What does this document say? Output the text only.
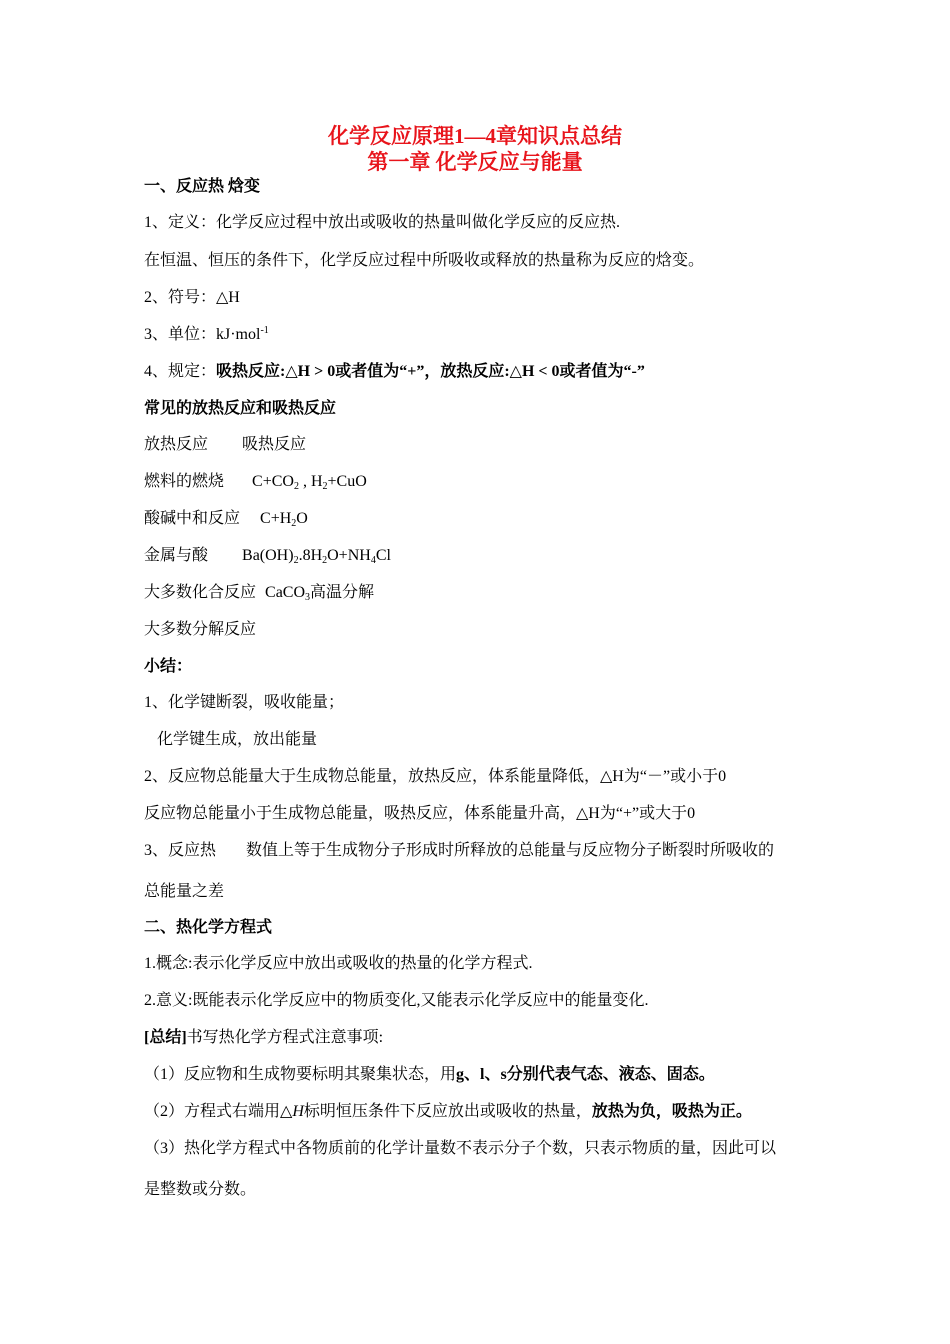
化学反应原理1—4章知识点总结
第一章 化学反应与能量
一、反应热 焓变
1、定义：化学反应过程中放出或吸收的热量叫做化学反应的反应热.
在恒温、恒压的条件下，化学反应过程中所吸收或释放的热量称为反应的焓变。
2、符号：△H
3、单位：kJ·mol$^{-1}$
4、规定：吸热反应:△H > 0或者值为“+”，放热反应:△H < 0或者值为“-”
常见的放热反应和吸热反应
放热反应 吸热反应
燃料的燃烧 $C+CO_2$ , $H_2+CuO$
酸碱中和反应 $C+H_2O$
金属与酸 $Ba(OH)_2.8H_2O+NH_4Cl$
大多数化合反应 CaCO$_3$高温分解
大多数分解反应
小结：
1、化学键断裂，吸收能量；
化学键生成，放出能量
2、反应物总能量大于生成物总能量，放热反应，体系能量降低，△H为“－”或小于0
反应物总能量小于生成物总能量，吸热反应，体系能量升高，△H为“+”或大于0
3、反应热 数值上等于生成物分子形成时所释放的总能量与反应物分子断裂时所吸收的
总能量之差
二、热化学方程式
1.概念:表示化学反应中放出或吸收的热量的化学方程式.
2.意义:既能表示化学反应中的物质变化,又能表示化学反应中的能量变化.
[总结]书写热化学方程式注意事项:
（1）反应物和生成物要标明其聚集状态，用g、l、s分别代表气态、液态、固态。
（2）方程式右端用△H标明恒压条件下反应放出或吸收的热量，放热为负，吸热为正。
（3）热化学方程式中各物质前的化学计量数不表示分子个数，只表示物质的量，因此可以
是整数或分数。
